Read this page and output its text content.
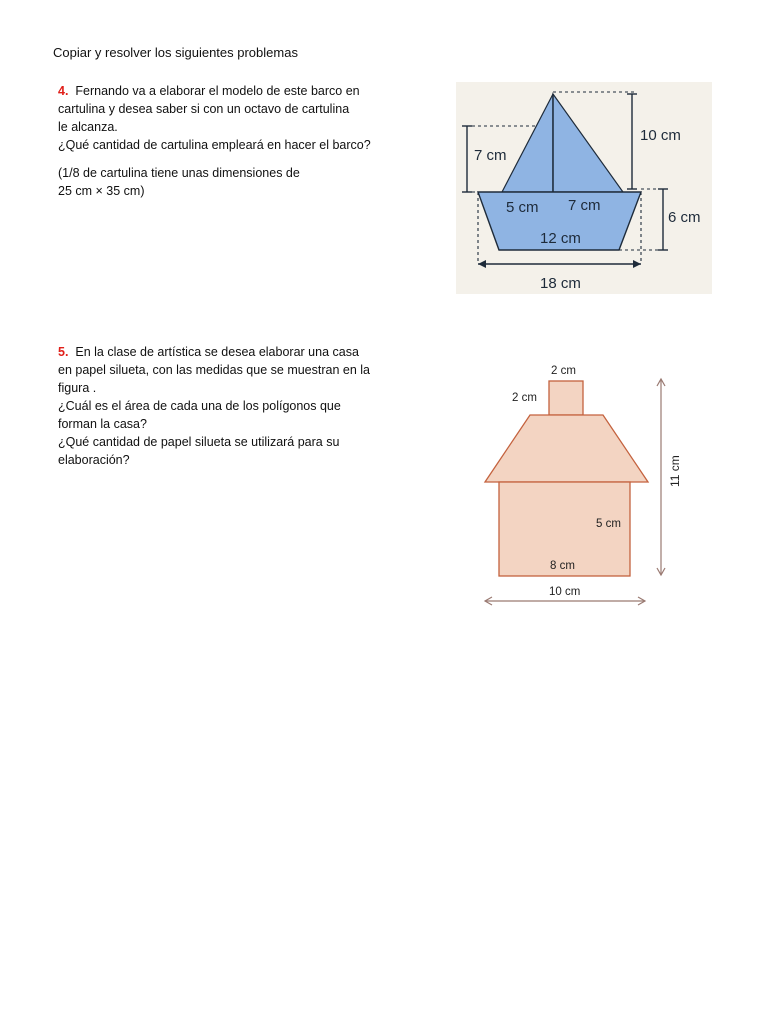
Copiar y resolver los siguientes problemas
4. Fernando va a elaborar el modelo de este barco en
cartulina y desea saber si con un octavo de cartulina
le alcanza.
¿Qué cantidad de cartulina empleará en hacer el barco?
(1/8 de cartulina tiene unas dimensiones de
25 cm × 35 cm)
10 cm
7 cm
6 cm
5 cm 7 cm
12 cm
18 cm
5. En la clase de artística se desea elaborar una casa
en papel silueta, con las medidas que se muestran en la
figura .
¿Cuál es el área de cada una de los polígonos que
forman la casa?
¿Qué cantidad de papel silueta se utilizará para su
elaboración?
2 cm
2 cm
11 cm
5 cm
8 cm
10 cm
